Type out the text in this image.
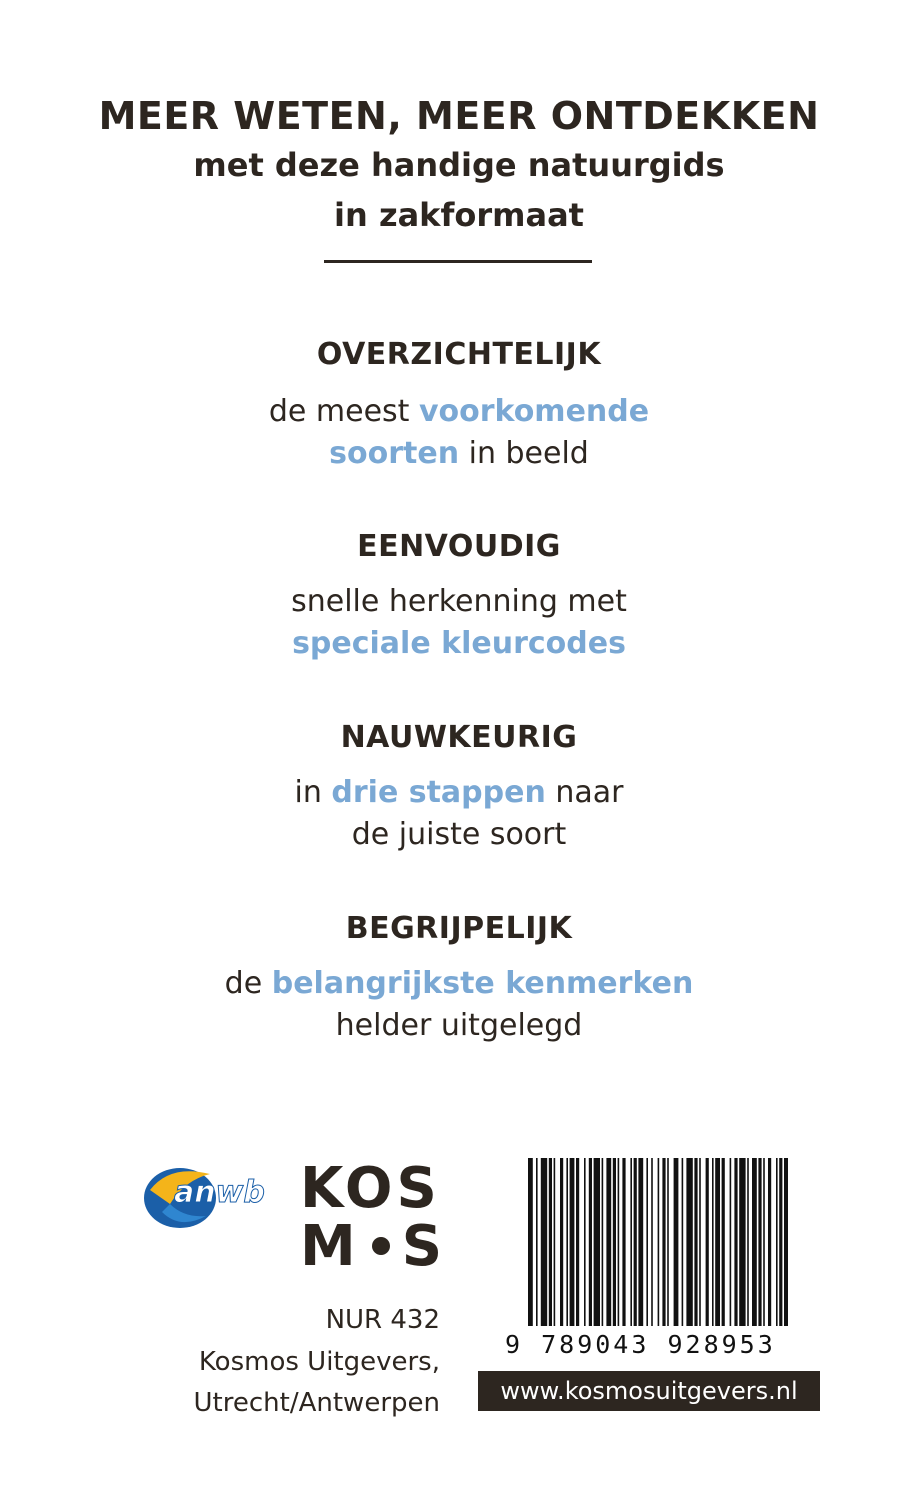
MEER WETEN, MEER ONTDEKKEN
met deze handige natuurgids
in zakformaat
OVERZICHTELIJK
de meest voorkomende
soorten in beeld
EENVOUDIG
snelle herkenning met
speciale kleurcodes
NAUWKEURIG
in drie stappen naar
de juiste soort
BEGRIJPELIJK
de belangrijkste kenmerken
helder uitgelegd
anwb KOS
M S
NUR 432
Kosmos Uitgevers,
Utrecht/Antwerpen
9 789043 928953
www.kosmosuitgevers.nl
